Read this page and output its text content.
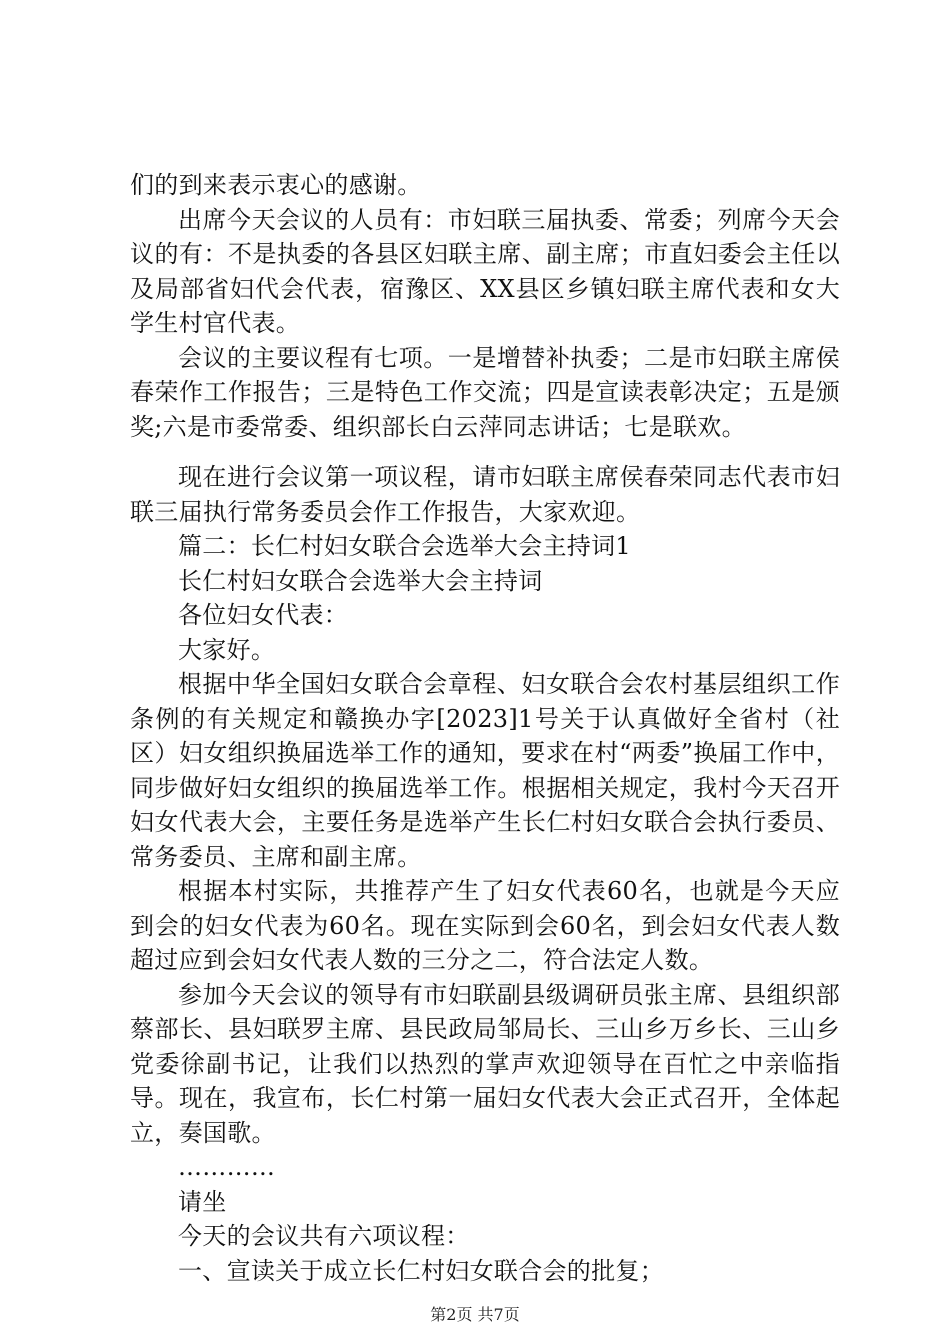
们的到来表示衷心的感谢。

出席今天会议的人员有：市妇联三届执委、常委；列席今天会议的有：不是执委的各县区妇联主席、副主席；市直妇委会主任以及局部省妇代会代表，宿豫区、XX县区乡镇妇联主席代表和女大学生村官代表。

会议的主要议程有七项。一是增替补执委；二是市妇联主席侯春荣作工作报告；三是特色工作交流；四是宣读表彰决定；五是颁奖;六是市委常委、组织部长白云萍同志讲话；七是联欢。

现在进行会议第一项议程，请市妇联主席侯春荣同志代表市妇联三届执行常务委员会作工作报告，大家欢迎。

篇二：长仁村妇女联合会选举大会主持词1

长仁村妇女联合会选举大会主持词

各位妇女代表：

大家好。

根据中华全国妇女联合会章程、妇女联合会农村基层组织工作条例的有关规定和赣换办字[2023]1号关于认真做好全省村（社区）妇女组织换届选举工作的通知，要求在村“两委”换届工作中，同步做好妇女组织的换届选举工作。根据相关规定，我村今天召开妇女代表大会，主要任务是选举产生长仁村妇女联合会执行委员、常务委员、主席和副主席。

根据本村实际，共推荐产生了妇女代表60名，也就是今天应到会的妇女代表为60名。现在实际到会60名，到会妇女代表人数超过应到会妇女代表人数的三分之二，符合法定人数。

参加今天会议的领导有市妇联副县级调研员张主席、县组织部蔡部长、县妇联罗主席、县民政局邹局长、三山乡万乡长、三山乡党委徐副书记，让我们以热烈的掌声欢迎领导在百忙之中亲临指导。现在，我宣布，长仁村第一届妇女代表大会正式召开，全体起立，奏国歌。

…………

请坐

今天的会议共有六项议程：

一、宣读关于成立长仁村妇女联合会的批复；

第2页 共7页
